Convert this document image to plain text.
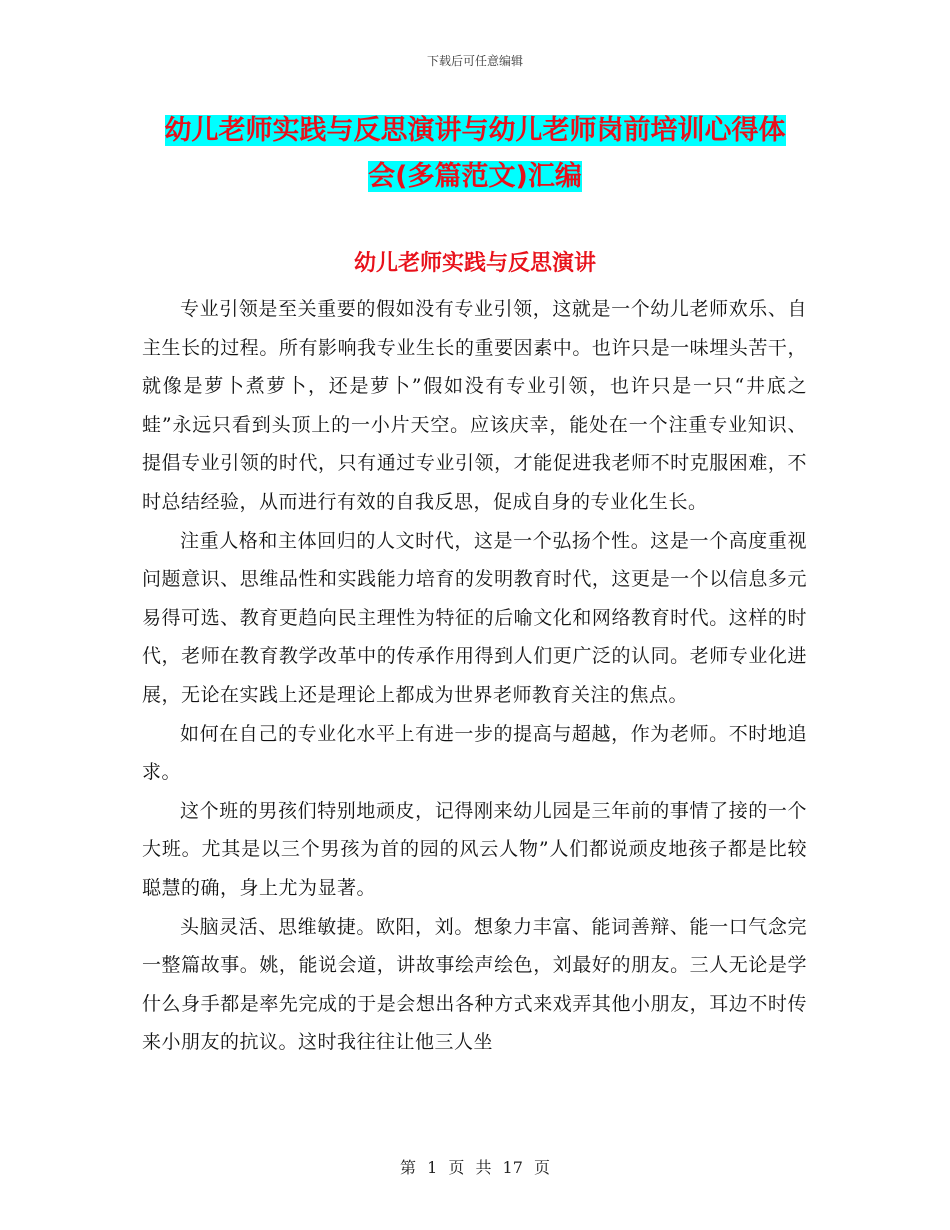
下载后可任意编辑
幼儿老师实践与反思演讲与幼儿老师岗前培训心得体
会(多篇范文)汇编
幼儿老师实践与反思演讲

专业引领是至关重要的假如没有专业引领，这就是一个幼儿老师欢乐、自主生长的过程。所有影响我专业生长的重要因素中。也许只是一味埋头苦干，就像是萝卜煮萝卜，还是萝卜”假如没有专业引领，也许只是一只“井底之蛙”永远只看到头顶上的一小片天空。应该庆幸，能处在一个注重专业知识、提倡专业引领的时代，只有通过专业引领，才能促进我老师不时克服困难，不时总结经验，从而进行有效的自我反思，促成自身的专业化生长。

注重人格和主体回归的人文时代，这是一个弘扬个性。这是一个高度重视问题意识、思维品性和实践能力培育的发明教育时代，这更是一个以信息多元易得可选、教育更趋向民主理性为特征的后喻文化和网络教育时代。这样的时代，老师在教育教学改革中的传承作用得到人们更广泛的认同。老师专业化进展，无论在实践上还是理论上都成为世界老师教育关注的焦点。

如何在自己的专业化水平上有进一步的提高与超越，作为老师。不时地追求。

这个班的男孩们特别地顽皮，记得刚来幼儿园是三年前的事情了接的一个大班。尤其是以三个男孩为首的园的风云人物”人们都说顽皮地孩子都是比较聪慧的确，身上尤为显著。

头脑灵活、思维敏捷。欧阳，刘。想象力丰富、能词善辩、能一口气念完一整篇故事。姚，能说会道，讲故事绘声绘色，刘最好的朋友。三人无论是学什么身手都是率先完成的于是会想出各种方式来戏弄其他小朋友，耳边不时传来小朋友的抗议。这时我往往让他三人坐

第 1 页 共 17 页
